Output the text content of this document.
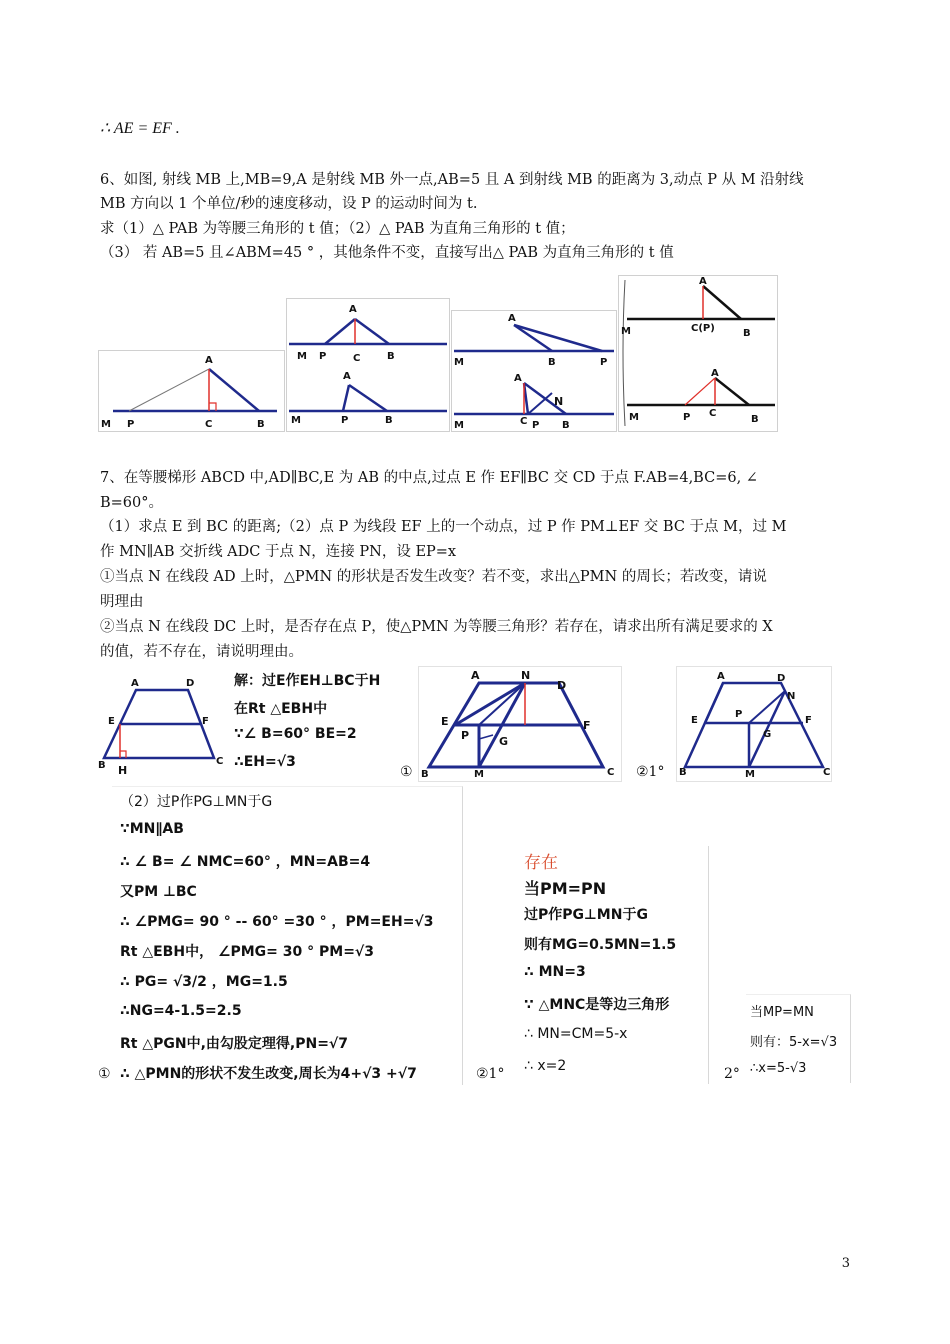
∴ AE = EF .
6、如图, 射线 MB 上,MB=9,A 是射线 MB 外一点,AB=5 且 A 到射线 MB 的距离为 3,动点 P 从 M 沿射线
MB 方向以 1 个单位/秒的速度移动，设 P 的运动时间为 t.
求（1）△ PAB 为等腰三角形的 t 值；（2）△ PAB 为直角三角形的 t 值；
（3） 若 AB=5 且∠ABM=45 ° ，其他条件不变，直接写出△ PAB 为直角三角形的 t 值
A
M P	C	B
A
M P	C	B
A
M	P	B
A
M	B	P
A
N
M	C P B
A
M	C(P)	B
A
M	P C
B
7、在等腰梯形 ABCD 中,AD∥BC,E 为 AB 的中点,过点 E 作 EF∥BC 交 CD 于点 F.AB=4,BC=6, ∠
B=60°。
（1）求点 E 到 BC 的距离;（2）点 P 为线段 EF 上的一个动点，过 P 作 PM⊥EF 交 BC 于点 M，过 M
作 MN∥AB 交折线 ADC 于点 N，连接 PN，设 EP=x
①当点 N 在线段 AD 上时，△PMN 的形状是否发生改变？若不变，求出△PMN 的周长；若改变，请说
明理由
②当点 N 在线段 DC 上时，是否存在点 P，使△PMN 为等腰三角形？若存在，请求出所有满足要求的 X
的值，若不存在，请说明理由。
A	D
E	F
B H
C
解：过E作EH⊥BC于H
在Rt △EBH中
∵∠ B=60° BE=2
∴EH=√3
①
A	N
D
E	F
P	G
B	M	C ②1°
A	D
N
E	F
P
G
B	M	C
（2）过P作PG⊥MN于G
∵MN∥AB
∴ ∠ B= ∠ NMC=60° ，MN=AB=4
又PM ⊥BC
∴ ∠PMG= 90 ° -- 60° =30 ° ，PM=EH=√3
Rt △EBH中， ∠PMG= 30 ° PM=√3
∴ PG= √3/2 ，MG=1.5
∴NG=4-1.5=2.5
Rt △PGN中,由勾股定理得,PN=√7
∴ △PMN的形状不发生改变,周长为4+√3 +√7
①	②1°
存在
当PM=PN
过P作PG⊥MN于G
则有MG=0.5MN=1.5
∴ MN=3
∵ △MNC是等边三角形
∴ MN=CM=5-x
∴ x=2	2°
当MP=MN
则有：5-x=√3
∴x=5-√3
3
